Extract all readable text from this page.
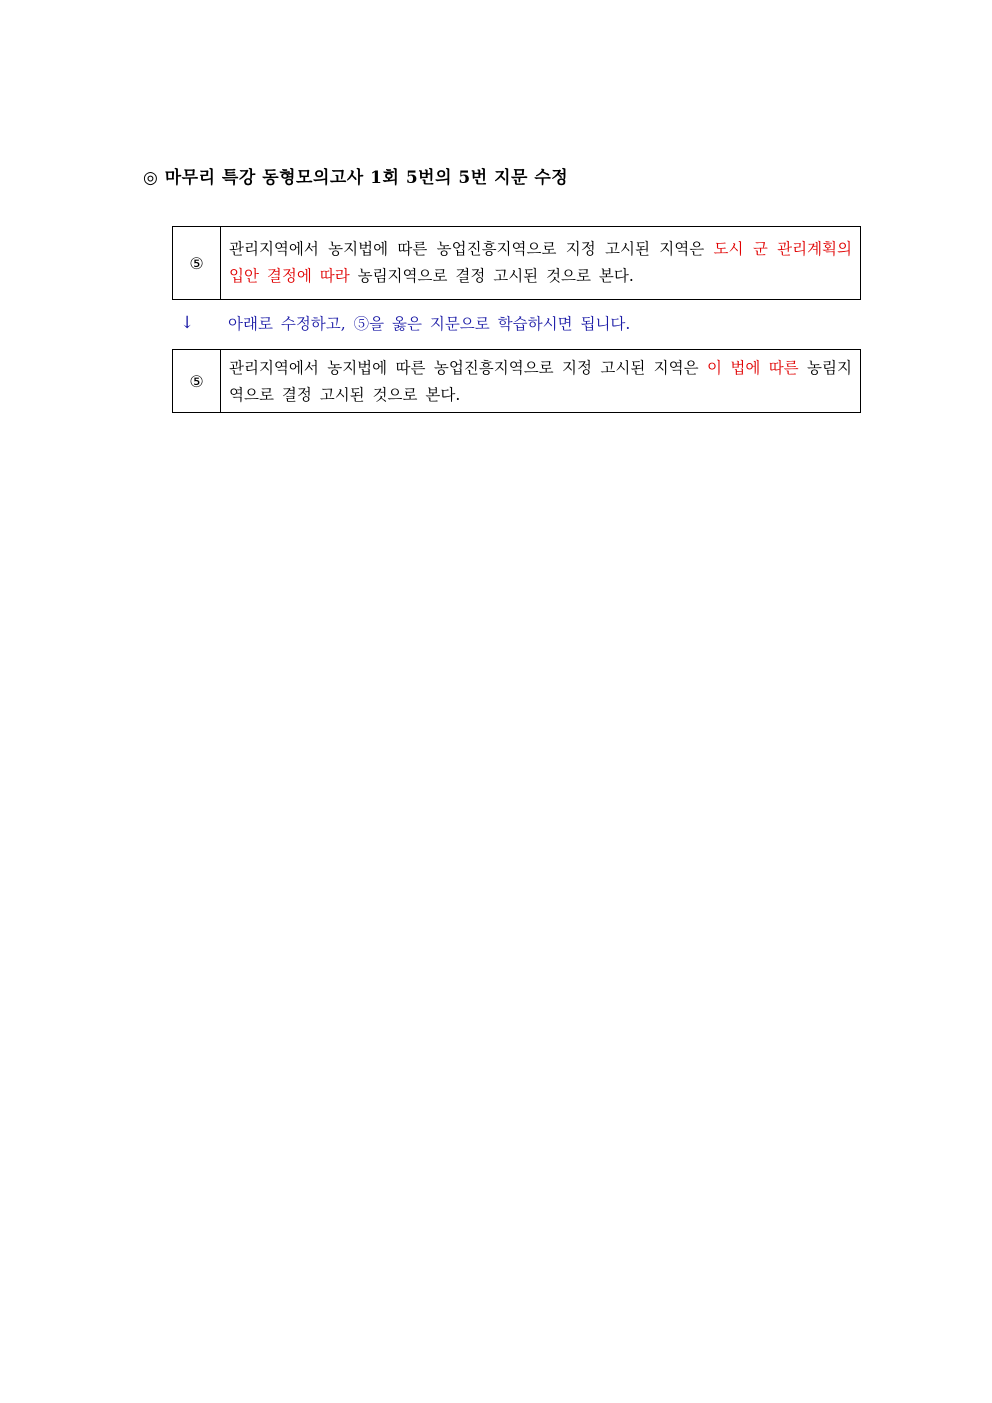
◎ 마무리 특강 동형모의고사 1회 5번의 5번 지문 수정
⑤
관리지역에서 농지법에 따른 농업진흥지역으로 지정 고시된 지역은 도시 군 관리계획의 입안 결정에 따라 농림지역으로 결정 고시된 것으로 본다.
↓	아래로 수정하고, ⑤을 옳은 지문으로 학습하시면 됩니다.
⑤
관리지역에서 농지법에 따른 농업진흥지역으로 지정 고시된 지역은 이 법에 따른 농림지역으로 결정 고시된 것으로 본다.
